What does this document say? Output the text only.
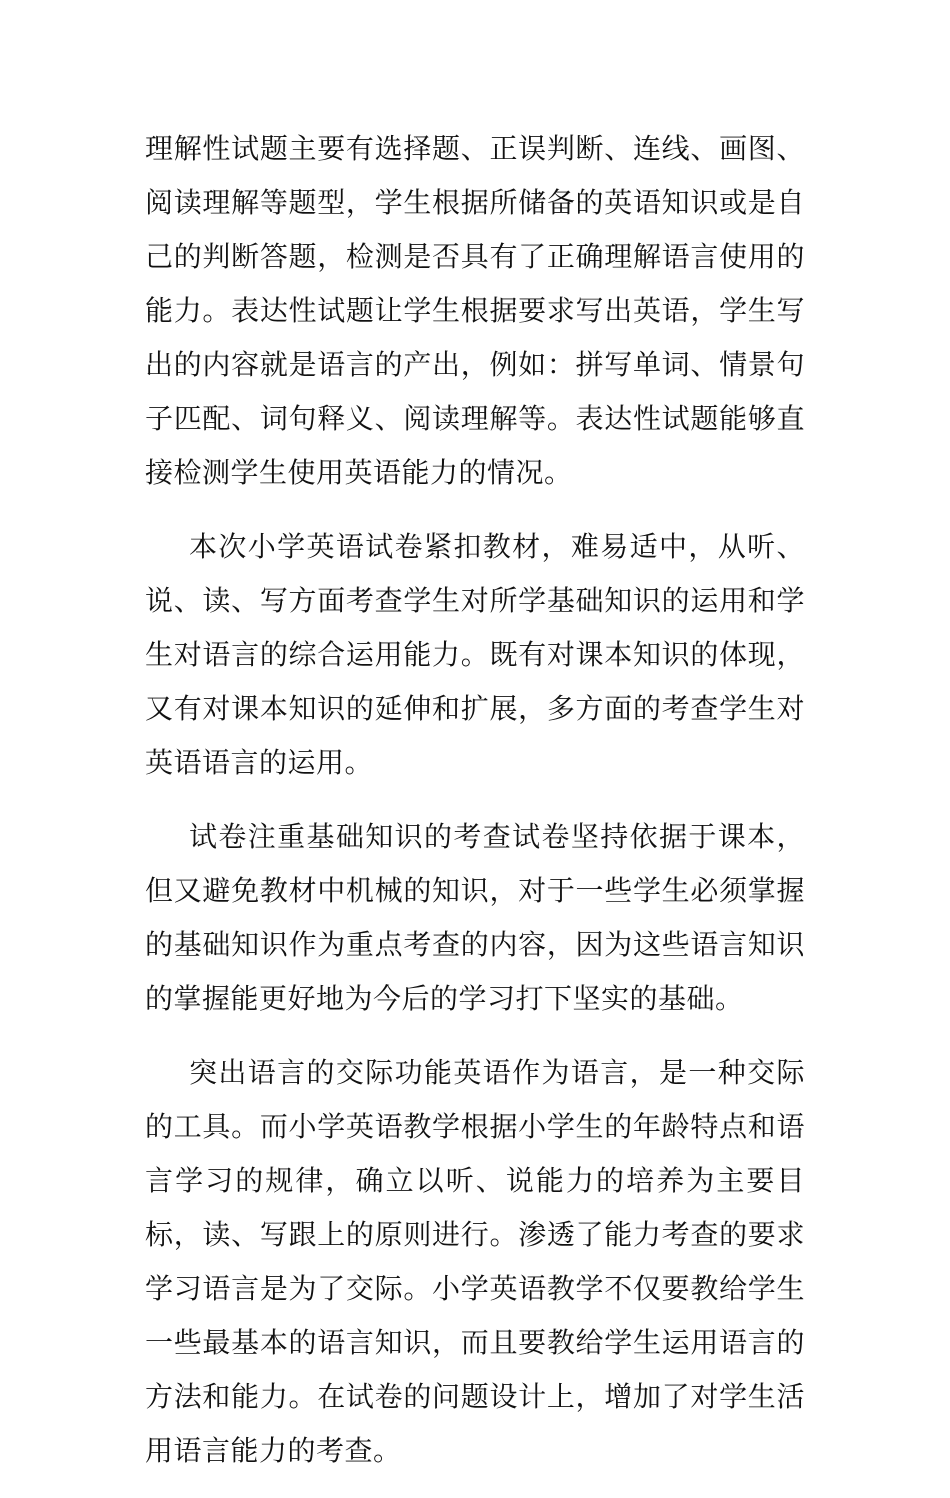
理解性试题主要有选择题、正误判断、连线、画图、阅读理解等题型，学生根据所储备的英语知识或是自己的判断答题，检测是否具有了正确理解语言使用的能力。表达性试题让学生根据要求写出英语，学生写出的内容就是语言的产出，例如：拼写单词、情景句子匹配、词句释义、阅读理解等。表达性试题能够直接检测学生使用英语能力的情况。

本次小学英语试卷紧扣教材，难易适中，从听、说、读、写方面考查学生对所学基础知识的运用和学生对语言的综合运用能力。既有对课本知识的体现，又有对课本知识的延伸和扩展，多方面的考查学生对英语语言的运用。

试卷注重基础知识的考查试卷坚持依据于课本，但又避免教材中机械的知识，对于一些学生必须掌握的基础知识作为重点考查的内容，因为这些语言知识的掌握能更好地为今后的学习打下坚实的基础。

突出语言的交际功能英语作为语言，是一种交际的工具。而小学英语教学根据小学生的年龄特点和语言学习的规律，确立以听、说能力的培养为主要目标，读、写跟上的原则进行。渗透了能力考查的要求学习语言是为了交际。小学英语教学不仅要教给学生一些最基本的语言知识，而且要教给学生运用语言的方法和能力。在试卷的问题设计上，增加了对学生活用语言能力的考查。
